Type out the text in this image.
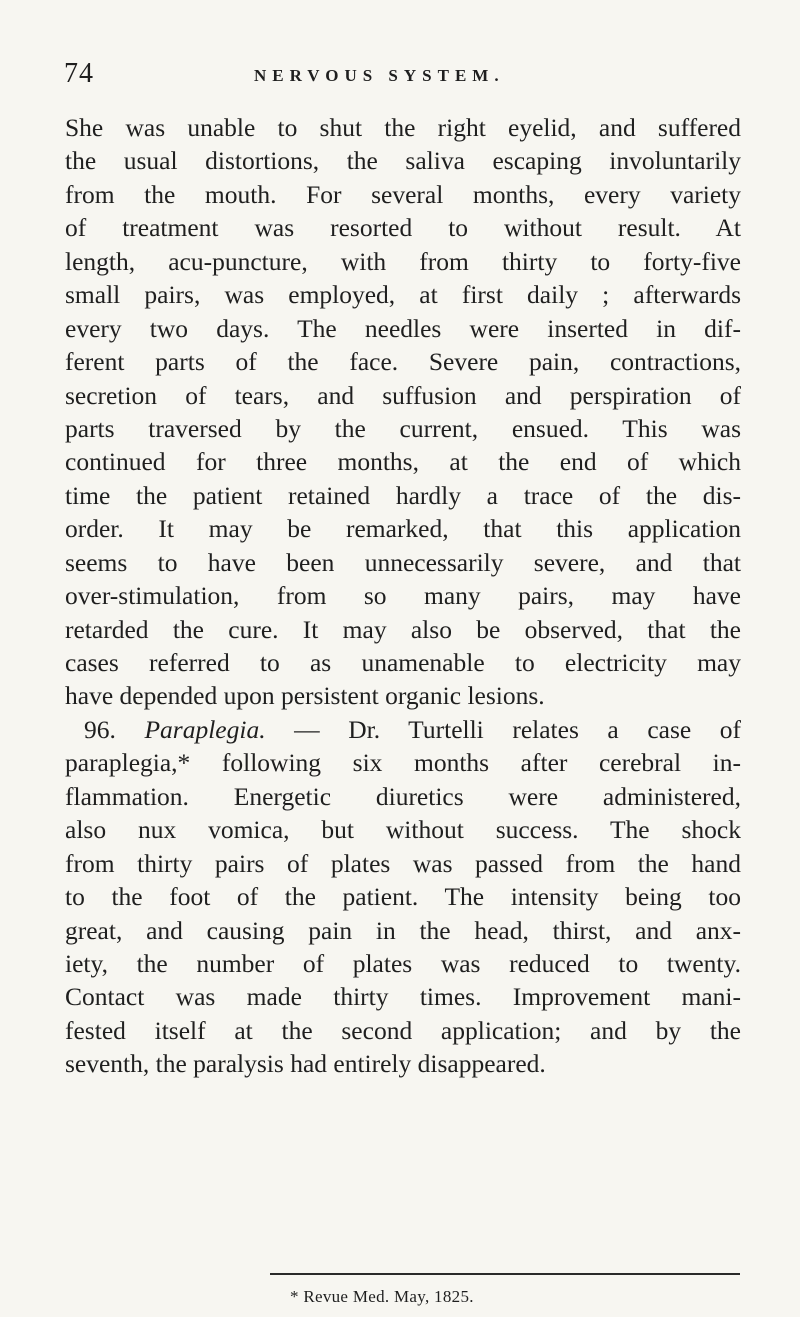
74	NERVOUS SYSTEM.
She was unable to shut the right eyelid, and suffered
the usual distortions, the saliva escaping involuntarily
from the mouth. For several months, every variety
of treatment was resorted to without result. At
length, acu-puncture, with from thirty to forty-five
small pairs, was employed, at first daily ; afterwards
every two days. The needles were inserted in dif-
ferent parts of the face. Severe pain, contractions,
secretion of tears, and suffusion and perspiration of
parts traversed by the current, ensued. This was
continued for three months, at the end of which
time the patient retained hardly a trace of the dis-
order. It may be remarked, that this application
seems to have been unnecessarily severe, and that
over-stimulation, from so many pairs, may have
retarded the cure. It may also be observed, that the
cases referred to as unamenable to electricity may
have depended upon persistent organic lesions.
96. Paraplegia. — Dr. Turtelli relates a case of
paraplegia,* following six months after cerebral in-
flammation. Energetic diuretics were administered,
also nux vomica, but without success. The shock
from thirty pairs of plates was passed from the hand
to the foot of the patient. The intensity being too
great, and causing pain in the head, thirst, and anx-
iety, the number of plates was reduced to twenty.
Contact was made thirty times. Improvement mani-
fested itself at the second application; and by the
seventh, the paralysis had entirely disappeared.
* Revue Med. May, 1825.
